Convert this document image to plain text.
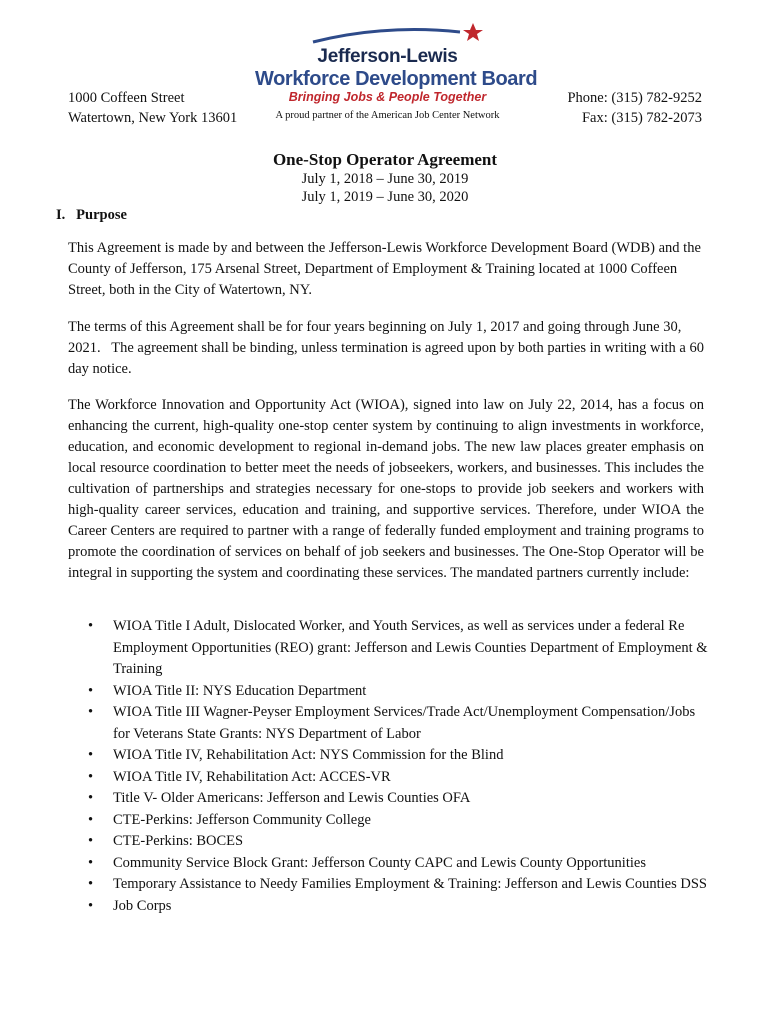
1000 Coffeen Street
Watertown, New York 13601
Jefferson-Lewis
Workforce Development Board
Bringing Jobs & People Together
A proud partner of the American Job Center Network
Phone: (315) 782-9252
Fax: (315) 782-2073
One-Stop Operator Agreement
July 1, 2018 – June 30, 2019
July 1, 2019 – June 30, 2020
I.   Purpose
This Agreement is made by and between the Jefferson-Lewis Workforce Development Board (WDB) and the County of Jefferson, 175 Arsenal Street, Department of Employment & Training located at 1000 Coffeen Street, both in the City of Watertown, NY.
The terms of this Agreement shall be for four years beginning on July 1, 2017 and going through June 30, 2021.   The agreement shall be binding, unless termination is agreed upon by both parties in writing with a 60 day notice.
The Workforce Innovation and Opportunity Act (WIOA), signed into law on July 22, 2014, has a focus on enhancing the current, high-quality one-stop center system by continuing to align investments in workforce, education, and economic development to regional in-demand jobs. The new law places greater emphasis on local resource coordination to better meet the needs of jobseekers, workers, and businesses. This includes the cultivation of partnerships and strategies necessary for one-stops to provide job seekers and workers with high-quality career services, education and training, and supportive services. Therefore, under WIOA the Career Centers are required to partner with a range of federally funded employment and training programs to promote the coordination of services on behalf of job seekers and businesses. The One-Stop Operator will be integral in supporting the system and coordinating these services. The mandated partners currently include:
• WIOA Title I Adult, Dislocated Worker, and Youth Services, as well as services under a federal Re Employment Opportunities (REO) grant: Jefferson and Lewis Counties Department of Employment & Training
• WIOA Title II: NYS Education Department
• WIOA Title III Wagner-Peyser Employment Services/Trade Act/Unemployment Compensation/Jobs for Veterans State Grants: NYS Department of Labor
• WIOA Title IV, Rehabilitation Act: NYS Commission for the Blind
• WIOA Title IV, Rehabilitation Act: ACCES-VR
• Title V- Older Americans: Jefferson and Lewis Counties OFA
• CTE-Perkins: Jefferson Community College
• CTE-Perkins: BOCES
• Community Service Block Grant: Jefferson County CAPC and Lewis County Opportunities
• Temporary Assistance to Needy Families Employment & Training: Jefferson and Lewis Counties DSS
• Job Corps
